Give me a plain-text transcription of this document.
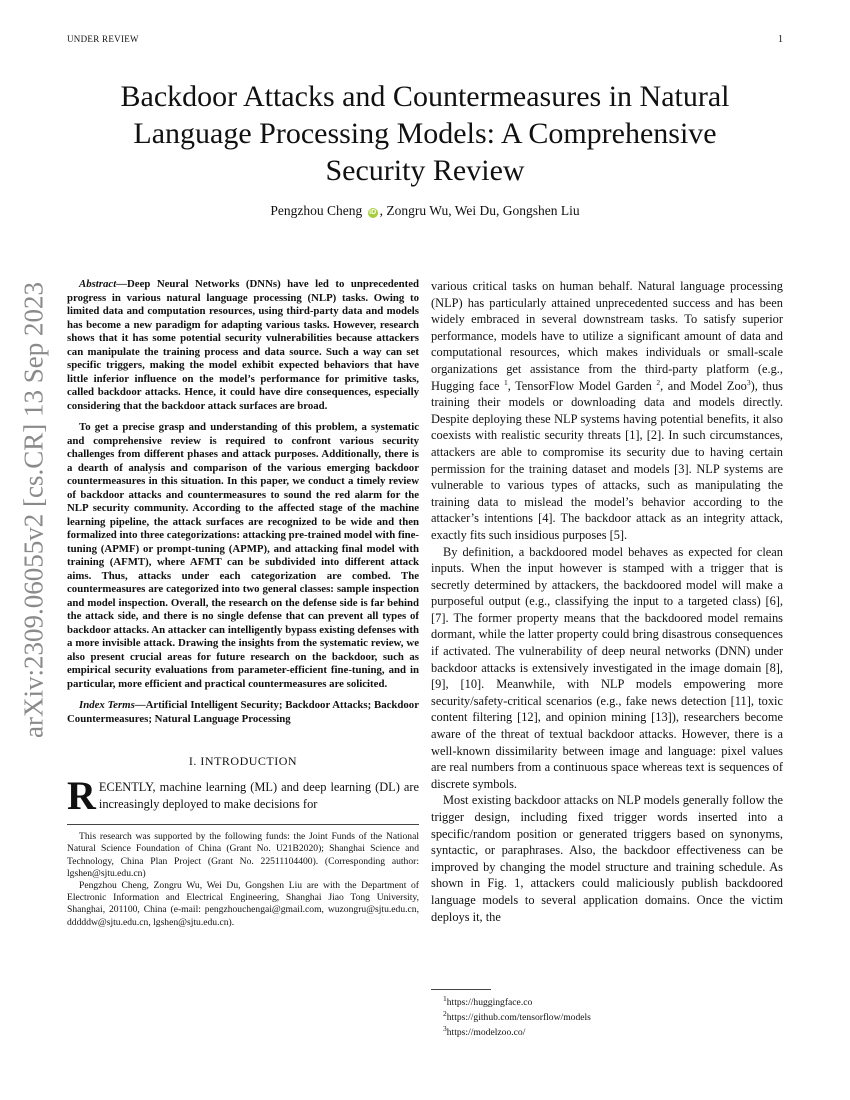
UNDER REVIEW	1
arXiv:2309.06055v2 [cs.CR] 13 Sep 2023
Backdoor Attacks and Countermeasures in Natural
Language Processing Models: A Comprehensive
Security Review
Pengzhou Cheng iD , Zongru Wu, Wei Du, Gongshen Liu

Abstract—Deep Neural Networks (DNNs) have led to unprecedented progress in various natural language processing (NLP) tasks. Owing to limited data and computation resources, using third-party data and models has become a new paradigm for adapting various tasks. However, research shows that it has some potential security vulnerabilities because attackers can manipulate the training process and data source. Such a way can set specific triggers, making the model exhibit expected behaviors that have little inferior influence on the model’s performance for primitive tasks, called backdoor attacks. Hence, it could have dire consequences, especially considering that the backdoor attack surfaces are broad.

To get a precise grasp and understanding of this problem, a systematic and comprehensive review is required to confront various security challenges from different phases and attack purposes. Additionally, there is a dearth of analysis and comparison of the various emerging backdoor countermeasures in this situation. In this paper, we conduct a timely review of backdoor attacks and countermeasures to sound the red alarm for the NLP security community. According to the affected stage of the machine learning pipeline, the attack surfaces are recognized to be wide and then formalized into three categorizations: attacking pre-trained model with fine-tuning (APMF) or prompt-tuning (APMP), and attacking final model with training (AFMT), where AFMT can be subdivided into different attack aims. Thus, attacks under each categorization are combed. The countermeasures are categorized into two general classes: sample inspection and model inspection. Overall, the research on the defense side is far behind the attack side, and there is no single defense that can prevent all types of backdoor attacks. An attacker can intelligently bypass existing defenses with a more invisible attack. Drawing the insights from the systematic review, we also present crucial areas for future research on the backdoor, such as empirical security evaluations from parameter-efficient fine-tuning, and in particular, more efficient and practical countermeasures are solicited.

Index Terms—Artificial Intelligent Security; Backdoor Attacks; Backdoor Countermeasures; Natural Language Processing

I. INTRODUCTION

RECENTLY, machine learning (ML) and deep learning (DL) are increasingly deployed to make decisions for

This research was supported by the following funds: the Joint Funds of the National Natural Science Foundation of China (Grant No. U21B2020); Shanghai Science and Technology, China Plan Project (Grant No. 22511104400). (Corresponding author: lgshen@sjtu.edu.cn)

Pengzhou Cheng, Zongru Wu, Wei Du, Gongshen Liu are with the Department of Electronic Information and Electrical Engineering, Shanghai Jiao Tong University, Shanghai, 201100, China (e-mail: pengzhouchengai@gmail.com, wuzongru@sjtu.edu.cn, dddddw@sjtu.edu.cn, lgshen@sjtu.edu.cn).

various critical tasks on human behalf. Natural language processing (NLP) has particularly attained unprecedented success and has been widely embraced in several downstream tasks. To satisfy superior performance, models have to utilize a significant amount of data and computational resources, which makes individuals or small-scale organizations get assistance from the third-party platform (e.g., Hugging face $^1$, TensorFlow Model Garden $^2$, and Model Zoo$^3$), thus training their models or downloading data and models directly. Despite deploying these NLP systems having potential benefits, it also coexists with realistic security threats [1], [2]. In such circumstances, attackers are able to compromise its security due to having certain permission for the training dataset and models [3]. NLP systems are vulnerable to various types of attacks, such as manipulating the training data to mislead the model’s behavior according to the attacker’s intentions [4]. The backdoor attack as an integrity attack, exactly fits such insidious purposes [5].

By definition, a backdoored model behaves as expected for clean inputs. When the input however is stamped with a trigger that is secretly determined by attackers, the backdoored model will make a purposeful output (e.g., classifying the input to a targeted class) [6], [7]. The former property means that the backdoored model remains dormant, while the latter property could bring disastrous consequences if activated. The vulnerability of deep neural networks (DNN) under backdoor attacks is extensively investigated in the image domain [8], [9], [10]. Meanwhile, with NLP models empowering more security/safety-critical scenarios (e.g., fake news detection [11], toxic content filtering [12], and opinion mining [13]), researchers become aware of the threat of textual backdoor attacks. However, there is a well-known dissimilarity between image and language: pixel values are real numbers from a continuous space whereas text is sequences of discrete symbols.

Most existing backdoor attacks on NLP models generally follow the trigger design, including fixed trigger words inserted into a specific/random position or generated triggers based on synonyms, syntactic, or paraphrases. Also, the backdoor effectiveness can be improved by changing the model structure and training schedule. As shown in Fig. 1, attackers could maliciously publish backdoored language models to several application domains. Once the victim deploys it, the

$^1$https://huggingface.co
$^2$https://github.com/tensorflow/models
$^3$https://modelzoo.co/
